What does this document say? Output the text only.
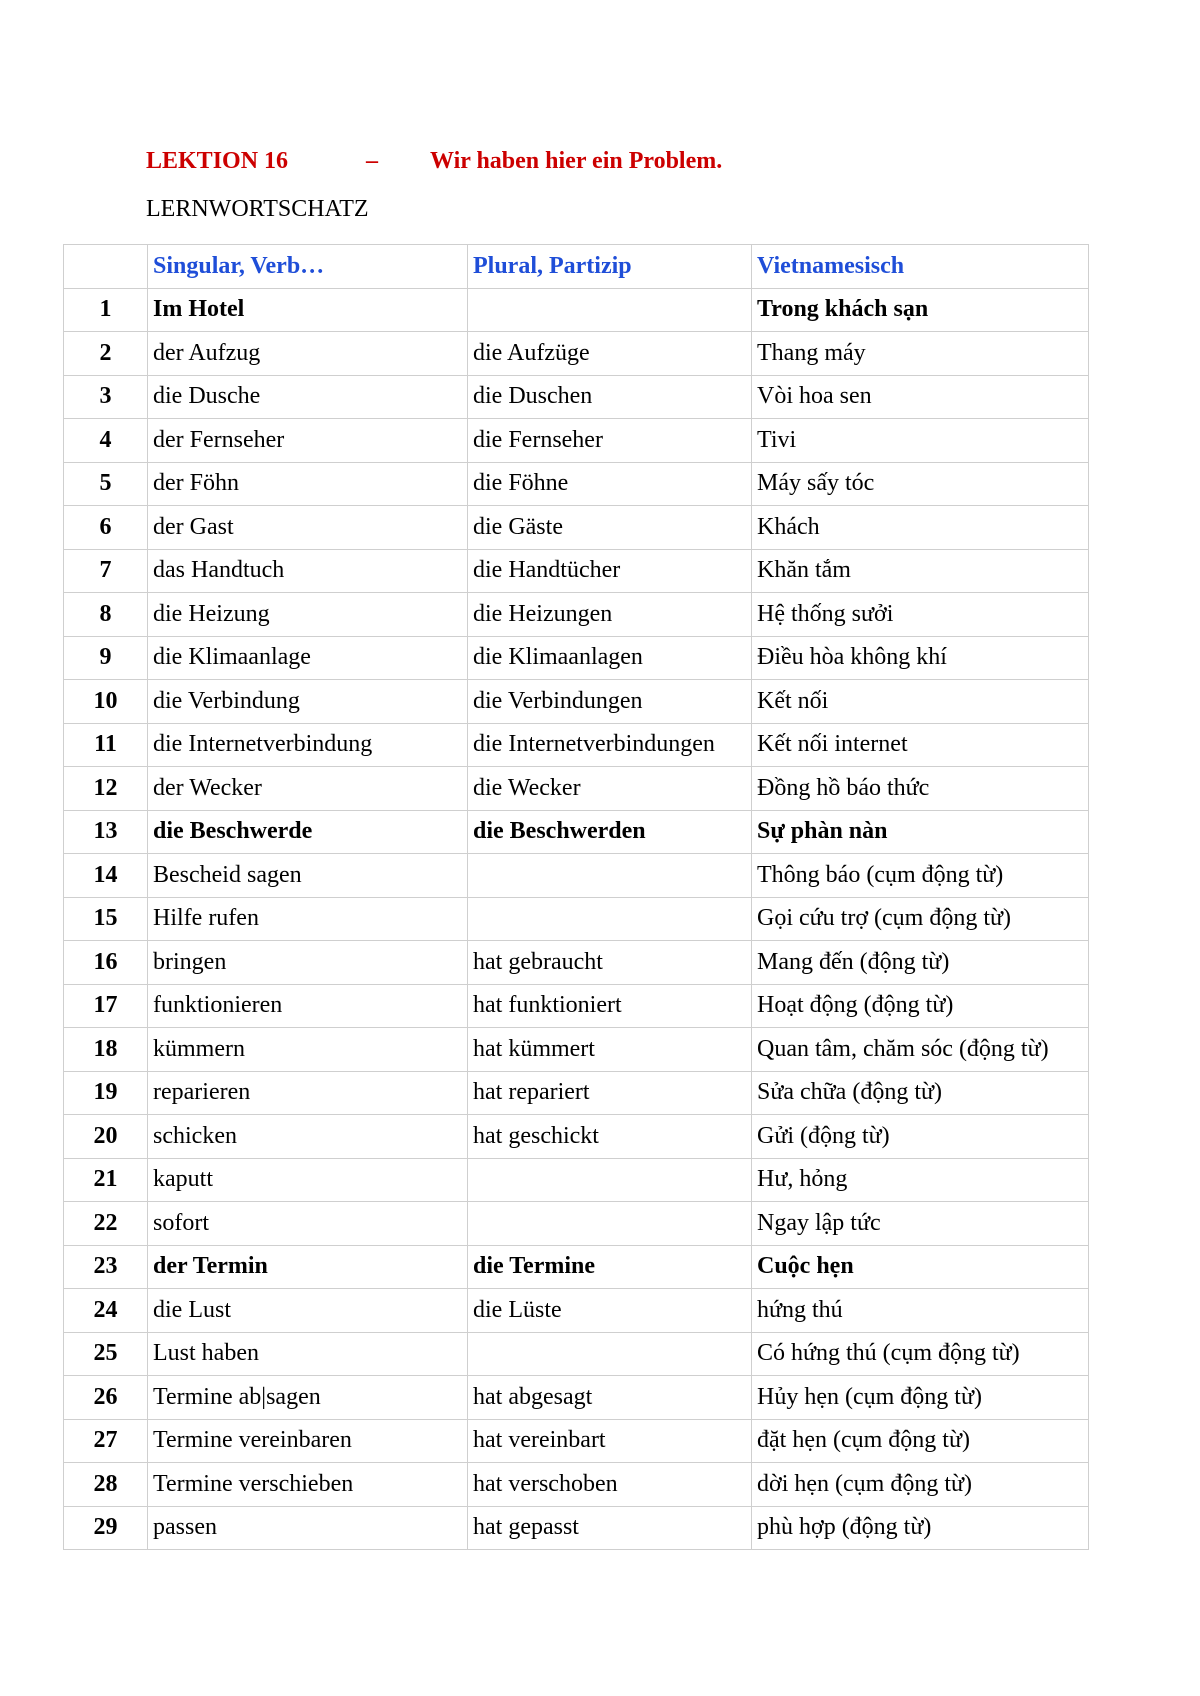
LEKTION 16	– Wir haben hier ein Problem.
LERNWORTSCHATZ
	Singular, Verb…	Plural, Partizip	Vietnamesisch
1	Im Hotel		Trong khách sạn
2	der Aufzug	die Aufzüge	Thang máy
3	die Dusche	die Duschen	Vòi hoa sen
4	der Fernseher	die Fernseher	Tivi
5	der Föhn	die Föhne	Máy sấy tóc
6	der Gast	die Gäste	Khách
7	das Handtuch	die Handtücher	Khăn tắm
8	die Heizung	die Heizungen	Hệ thống sưởi
9	die Klimaanlage	die Klimaanlagen	Điều hòa không khí
10	die Verbindung	die Verbindungen	Kết nối
11	die Internetverbindung	die Internetverbindungen	Kết nối internet
12	der Wecker	die Wecker	Đồng hồ báo thức
13	die Beschwerde	die Beschwerden	Sự phàn nàn
14	Bescheid sagen		Thông báo (cụm động từ)
15	Hilfe rufen		Gọi cứu trợ (cụm động từ)
16	bringen	hat gebraucht	Mang đến (động từ)
17	funktionieren	hat funktioniert	Hoạt động (động từ)
18	kümmern	hat kümmert	Quan tâm, chăm sóc (động từ)
19	reparieren	hat repariert	Sửa chữa (động từ)
20	schicken	hat geschickt	Gửi (động từ)
21	kaputt		Hư, hỏng
22	sofort		Ngay lập tức
23	der Termin	die Termine	Cuộc hẹn
24	die Lust	die Lüste	hứng thú
25	Lust haben		Có hứng thú (cụm động từ)
26	Termine ab|sagen	hat abgesagt	Hủy hẹn (cụm động từ)
27	Termine vereinbaren	hat vereinbart	đặt hẹn (cụm động từ)
28	Termine verschieben	hat verschoben	dời hẹn (cụm động từ)
29	passen	hat gepasst	phù hợp (động từ)
